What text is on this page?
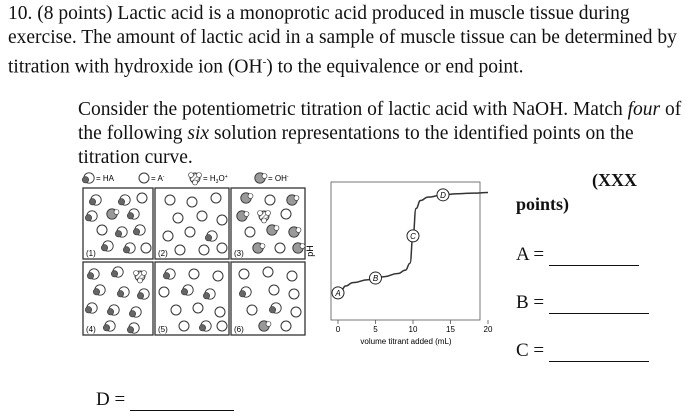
10. (8 points) Lactic acid is a monoprotic acid produced in muscle tissue during exercise. The amount of lactic acid in a sample of muscle tissue can be determined by titration with hydroxide ion (OH-) to the equivalence or end point.

Consider the potentiometric titration of lactic acid with NaOH. Match four of the following six solution representations to the identified points on the titration curve.

= HA	= A-	= $H_3O^+$	= OH-
(1)	(2)	(3)
(4)	(5)	(6)
pH
volume titrant added (mL)
0	5	10	15	20
A
B
C
D
(XXX
points)
A =
B =
C =
D =
